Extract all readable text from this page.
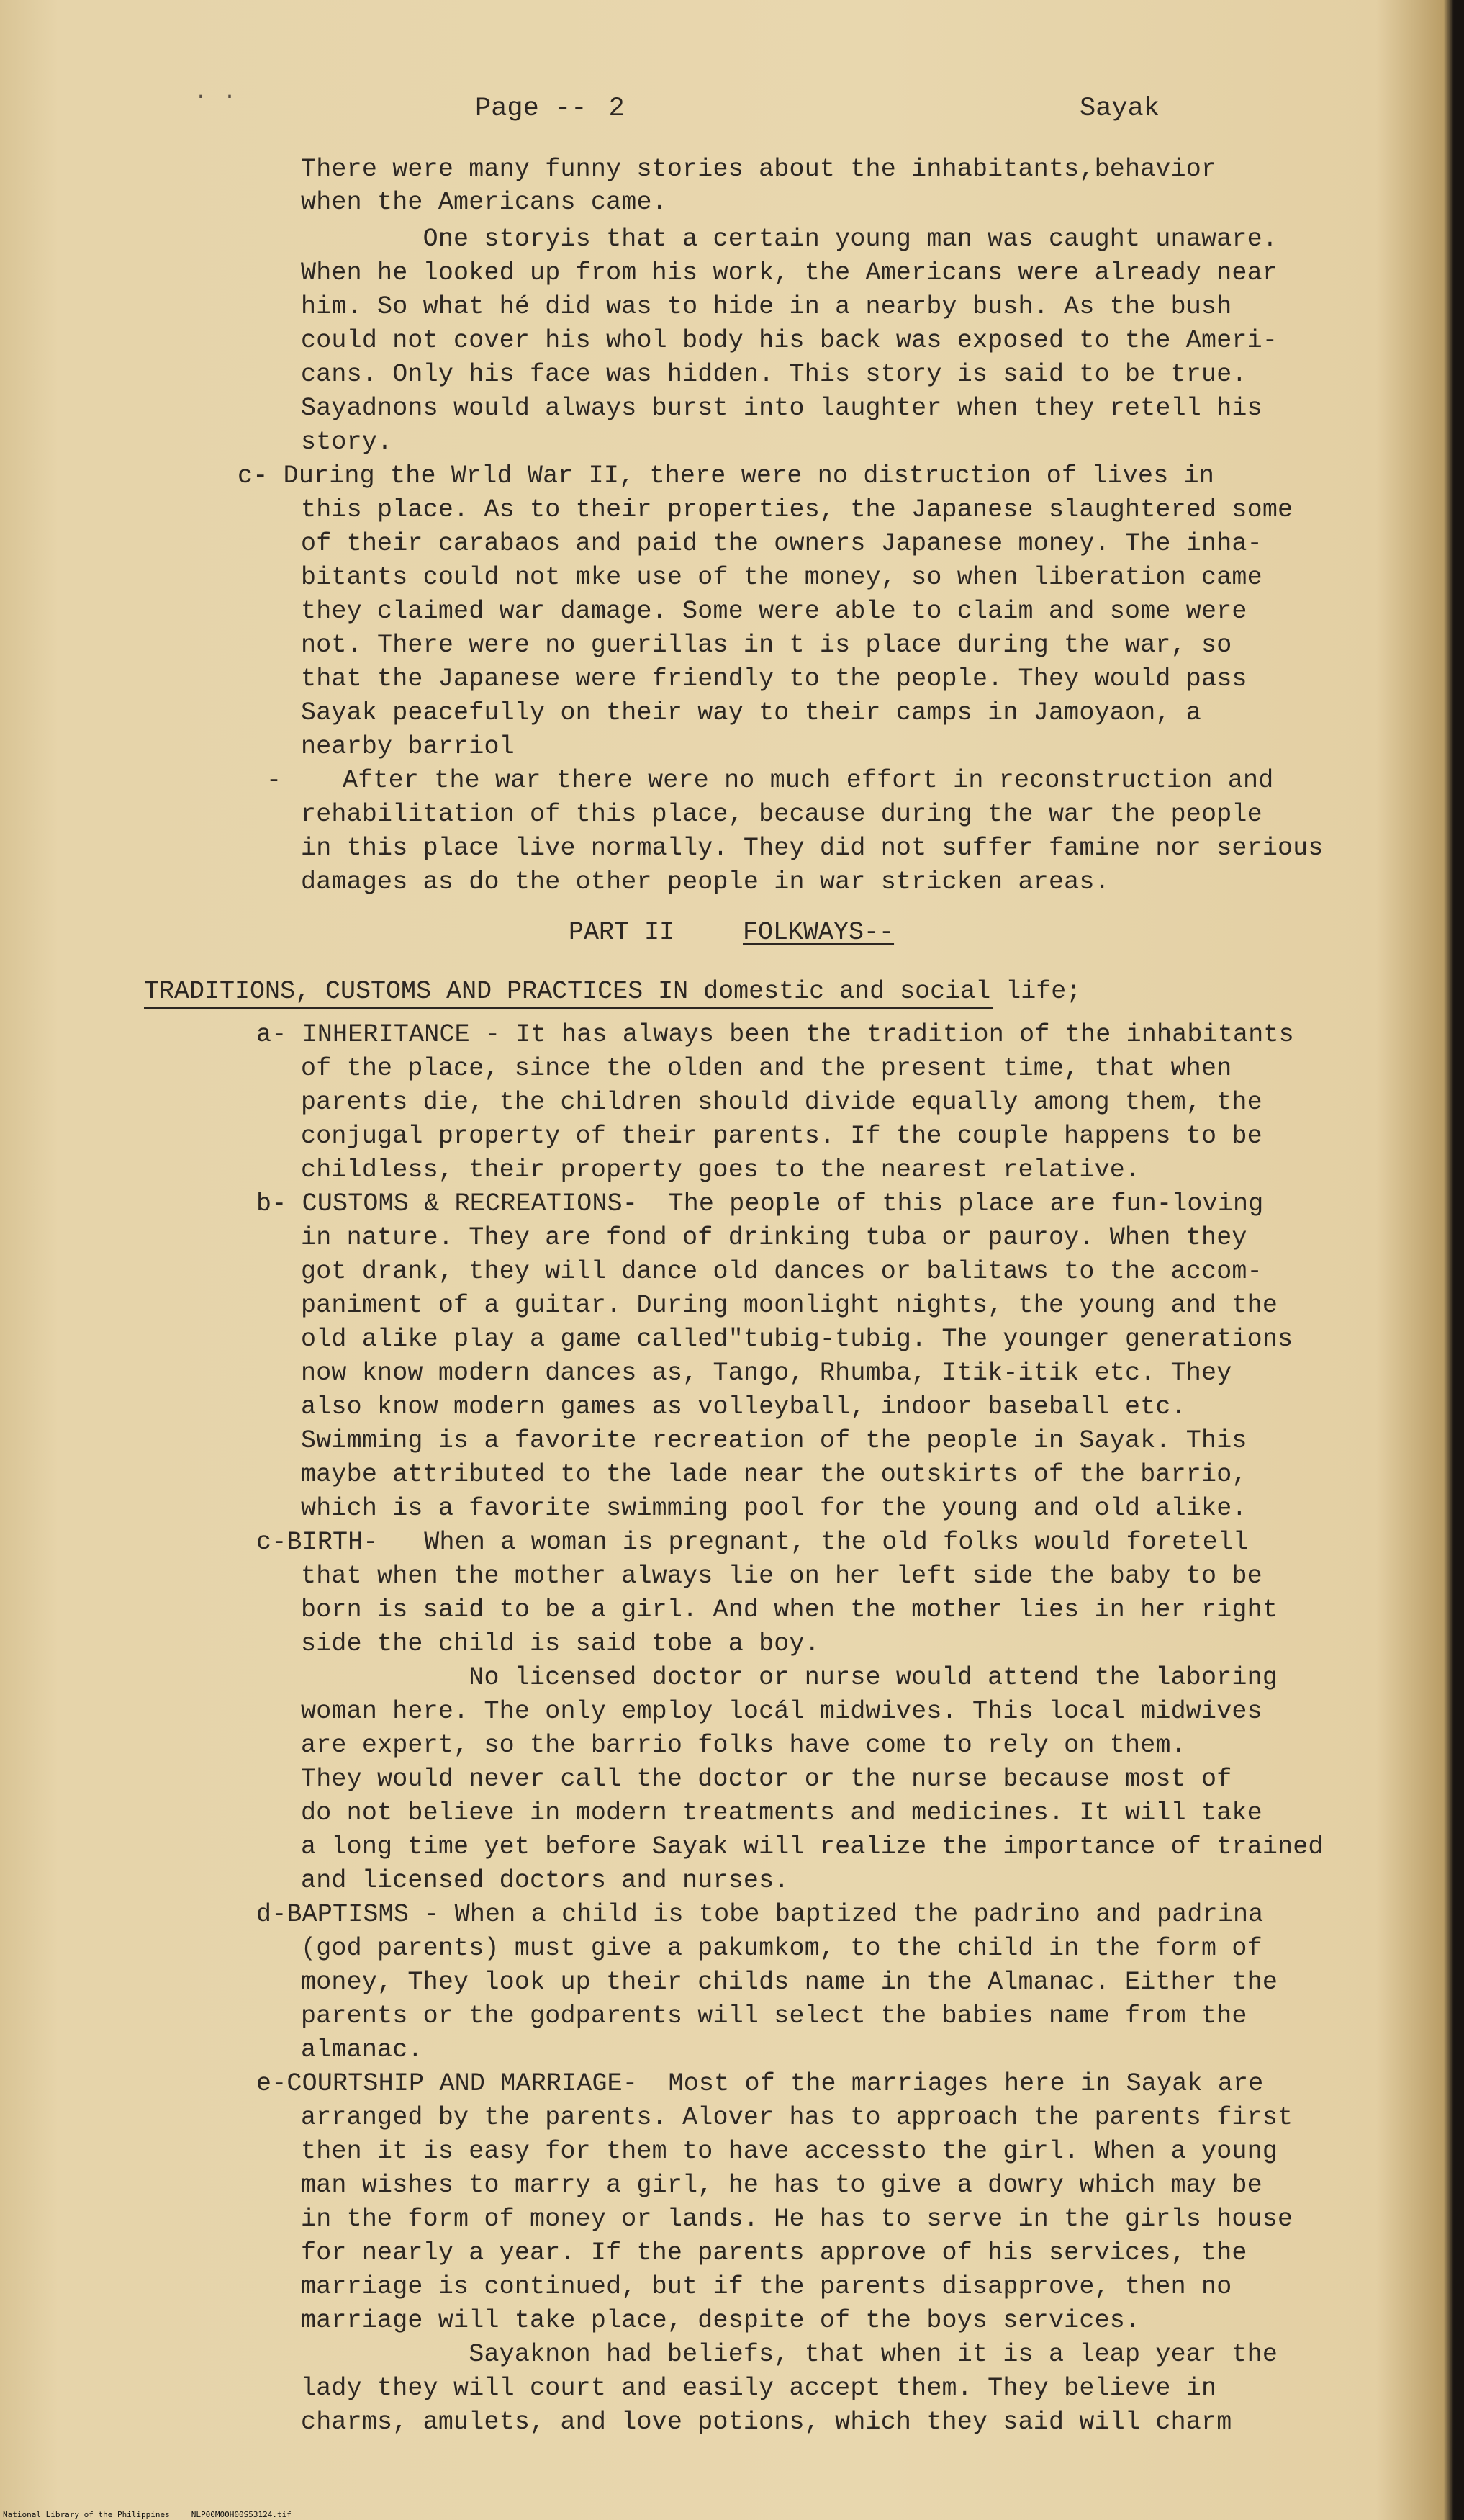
· ·	Page -- 2	Sayak
There were many funny stories about the inhabitants,behavior
when the Americans came.
One storyis that a certain young man was caught unaware.
When he looked up from his work, the Americans were already near
him. So what hé did was to hide in a nearby bush. As the bush
could not cover his whol body his back was exposed to the Ameri-
cans. Only his face was hidden. This story is said to be true.
Sayadnons would always burst into laughter when they retell his
story.
c- During the Wrld War II, there were no distruction of lives in
this place. As to their properties, the Japanese slaughtered some
of their carabaos and paid the owners Japanese money. The inha-
bitants could not mke use of the money, so when liberation came
they claimed war damage. Some were able to claim and some were
not. There were no guerillas in t is place during the war, so
that the Japanese were friendly to the people. They would pass
Sayak peacefully on their way to their camps in Jamoyaon, a
nearby barriol
-    After the war there were no much effort in reconstruction and
rehabilitation of this place, because during the war the people
in this place live normally. They did not suffer famine nor serious
damages as do the other people in war stricken areas.
PART II	FOLKWAYS--
TRADITIONS, CUSTOMS AND PRACTICES IN domestic and social life;
a- INHERITANCE - It has always been the tradition of the inhabitants
of the place, since the olden and the present time, that when
parents die, the children should divide equally among them, the
conjugal property of their parents. If the couple happens to be
childless, their property goes to the nearest relative.
b- CUSTOMS & RECREATIONS-  The people of this place are fun-loving
in nature. They are fond of drinking tuba or pauroy. When they
got drank, they will dance old dances or balitaws to the accom-
paniment of a guitar. During moonlight nights, the young and the
old alike play a game called"tubig-tubig. The younger generations
now know modern dances as, Tango, Rhumba, Itik-itik etc. They
also know modern games as volleyball, indoor baseball etc.
Swimming is a favorite recreation of the people in Sayak. This
maybe attributed to the lade near the outskirts of the barrio,
which is a favorite swimming pool for the young and old alike.
c-BIRTH-   When a woman is pregnant, the old folks would foretell
that when the mother always lie on her left side the baby to be
born is said to be a girl. And when the mother lies in her right
side the child is said tobe a boy.
No licensed doctor or nurse would attend the laboring
woman here. The only employ locál midwives. This local midwives
are expert, so the barrio folks have come to rely on them.
They would never call the doctor or the nurse because most of
do not believe in modern treatments and medicines. It will take
a long time yet before Sayak will realize the importance of trained
and licensed doctors and nurses.
d-BAPTISMS - When a child is tobe baptized the padrino and padrina
(god parents) must give a pakumkom, to the child in the form of
money, They look up their childs name in the Almanac. Either the
parents or the godparents will select the babies name from the
almanac.
e-COURTSHIP AND MARRIAGE-  Most of the marriages here in Sayak are
arranged by the parents. Alover has to approach the parents first
then it is easy for them to have accessto the girl. When a young
man wishes to marry a girl, he has to give a dowry which may be
in the form of money or lands. He has to serve in the girls house
for nearly a year. If the parents approve of his services, the
marriage is continued, but if the parents disapprove, then no
marriage will take place, despite of the boys services.
Sayaknon had beliefs, that when it is a leap year the
lady they will court and easily accept them. They believe in
charms, amulets, and love potions, which they said will charm
National Library of the Philippines	NLP00M00H00S53124.tif
